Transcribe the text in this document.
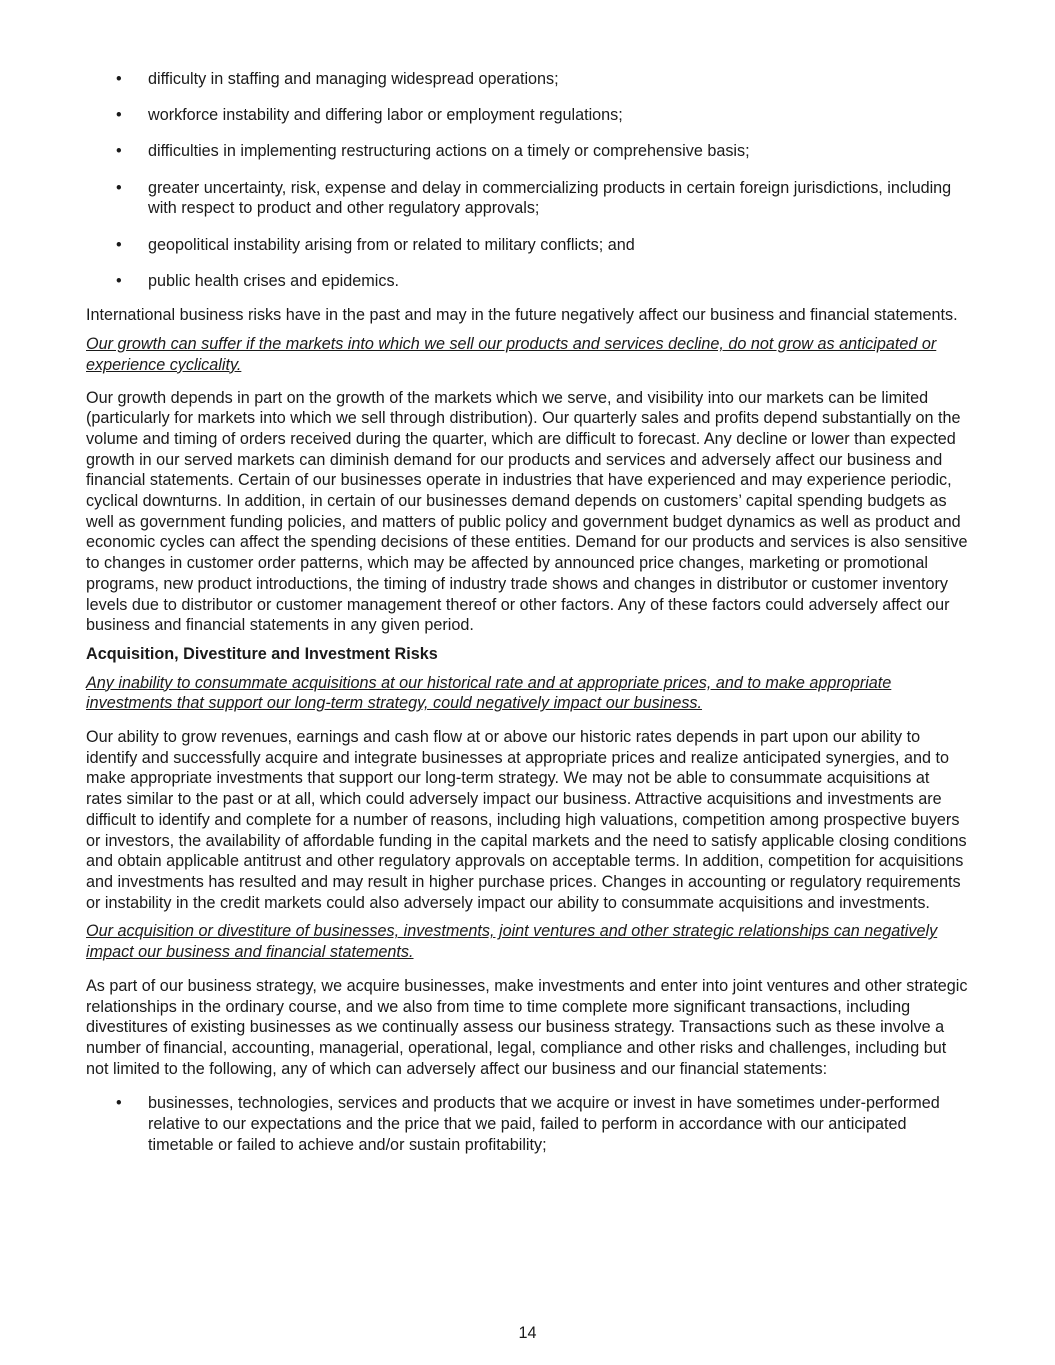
• difficulty in staffing and managing widespread operations;
• workforce instability and differing labor or employment regulations;
• difficulties in implementing restructuring actions on a timely or comprehensive basis;
• greater uncertainty, risk, expense and delay in commercializing products in certain foreign jurisdictions, including with respect to product and other regulatory approvals;
• geopolitical instability arising from or related to military conflicts; and
• public health crises and epidemics.

International business risks have in the past and may in the future negatively affect our business and financial statements.

Our growth can suffer if the markets into which we sell our products and services decline, do not grow as anticipated or experience cyclicality.

Our growth depends in part on the growth of the markets which we serve, and visibility into our markets can be limited (particularly for markets into which we sell through distribution). Our quarterly sales and profits depend substantially on the volume and timing of orders received during the quarter, which are difficult to forecast. Any decline or lower than expected growth in our served markets can diminish demand for our products and services and adversely affect our business and financial statements. Certain of our businesses operate in industries that have experienced and may experience periodic, cyclical downturns. In addition, in certain of our businesses demand depends on customers’ capital spending budgets as well as government funding policies, and matters of public policy and government budget dynamics as well as product and economic cycles can affect the spending decisions of these entities. Demand for our products and services is also sensitive to changes in customer order patterns, which may be affected by announced price changes, marketing or promotional programs, new product introductions, the timing of industry trade shows and changes in distributor or customer inventory levels due to distributor or customer management thereof or other factors. Any of these factors could adversely affect our business and financial statements in any given period.

Acquisition, Divestiture and Investment Risks

Any inability to consummate acquisitions at our historical rate and at appropriate prices, and to make appropriate investments that support our long-term strategy, could negatively impact our business.

Our ability to grow revenues, earnings and cash flow at or above our historic rates depends in part upon our ability to identify and successfully acquire and integrate businesses at appropriate prices and realize anticipated synergies, and to make appropriate investments that support our long-term strategy. We may not be able to consummate acquisitions at rates similar to the past or at all, which could adversely impact our business. Attractive acquisitions and investments are difficult to identify and complete for a number of reasons, including high valuations, competition among prospective buyers or investors, the availability of affordable funding in the capital markets and the need to satisfy applicable closing conditions and obtain applicable antitrust and other regulatory approvals on acceptable terms. In addition, competition for acquisitions and investments has resulted and may result in higher purchase prices. Changes in accounting or regulatory requirements or instability in the credit markets could also adversely impact our ability to consummate acquisitions and investments.

Our acquisition or divestiture of businesses, investments, joint ventures and other strategic relationships can negatively impact our business and financial statements.

As part of our business strategy, we acquire businesses, make investments and enter into joint ventures and other strategic relationships in the ordinary course, and we also from time to time complete more significant transactions, including divestitures of existing businesses as we continually assess our business strategy. Transactions such as these involve a number of financial, accounting, managerial, operational, legal, compliance and other risks and challenges, including but not limited to the following, any of which can adversely affect our business and our financial statements:

• businesses, technologies, services and products that we acquire or invest in have sometimes under-performed relative to our expectations and the price that we paid, failed to perform in accordance with our anticipated timetable or failed to achieve and/or sustain profitability;
14
